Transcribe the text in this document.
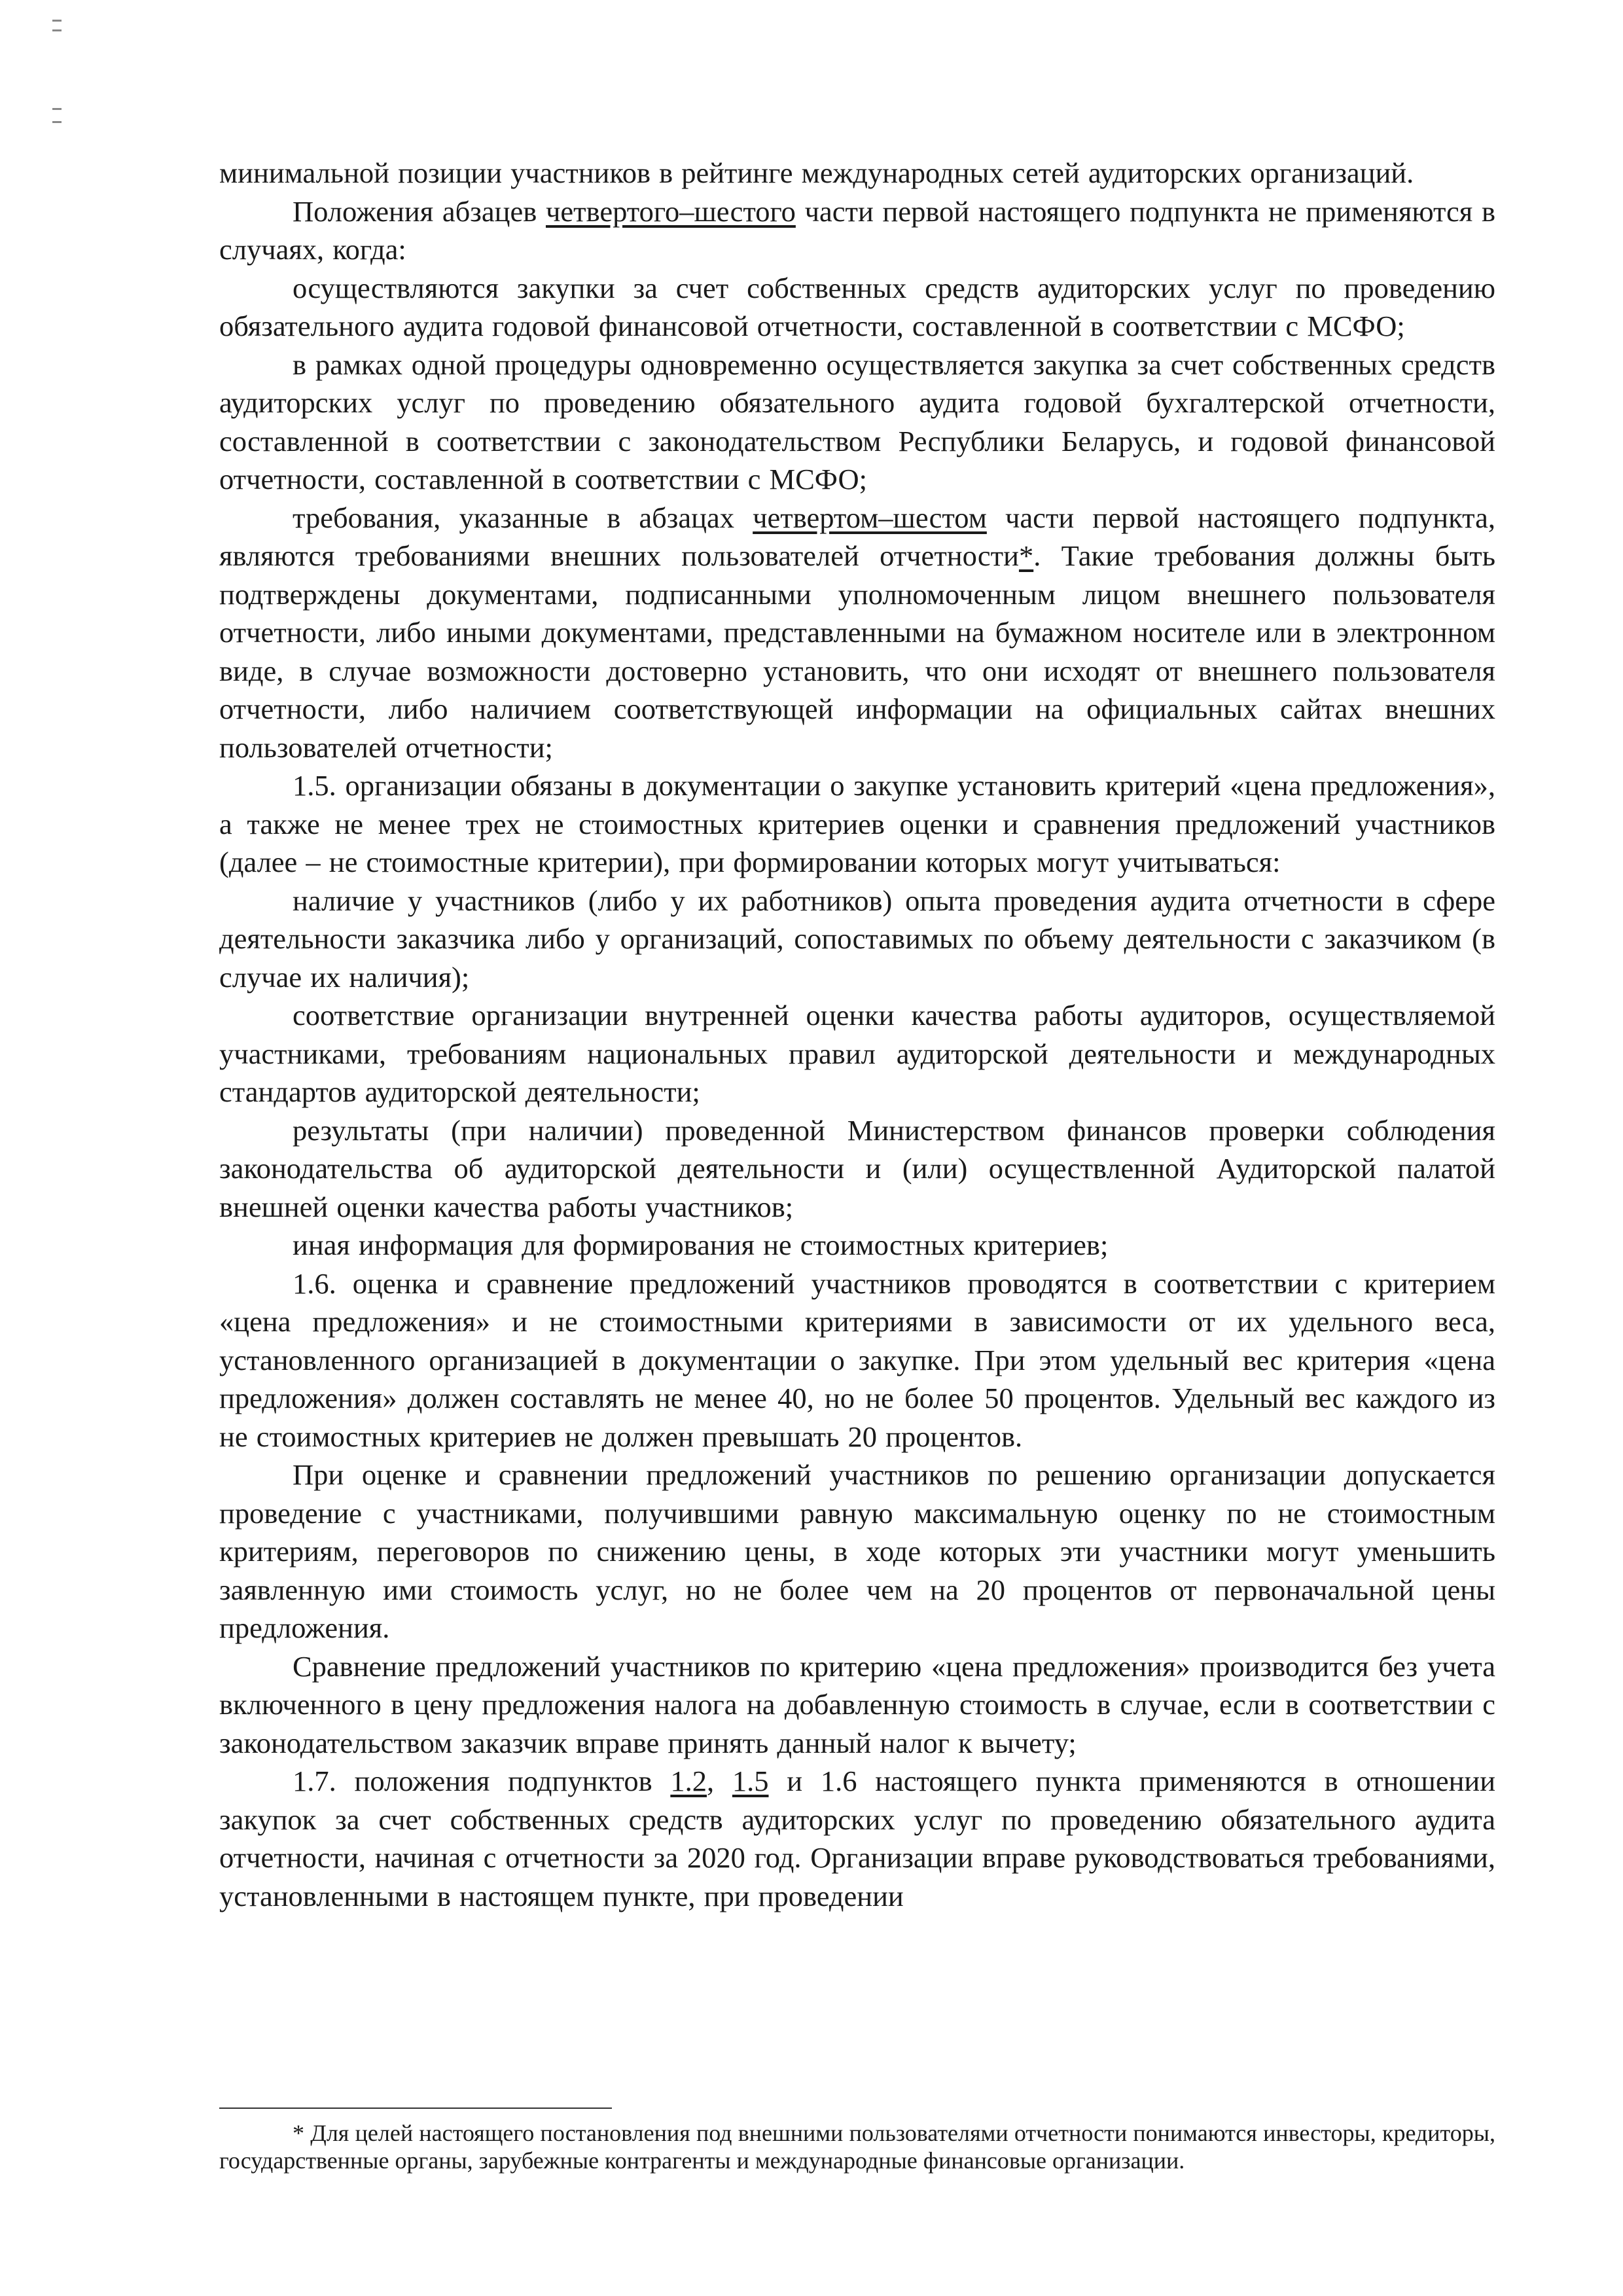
минимальной позиции участников в рейтинге международных сетей аудиторских организаций.

Положения абзацев четвертого–шестого части первой настоящего подпункта не применяются в случаях, когда:

осуществляются закупки за счет собственных средств аудиторских услуг по проведению обязательного аудита годовой финансовой отчетности, составленной в соответствии с МСФО;

в рамках одной процедуры одновременно осуществляется закупка за счет собственных средств аудиторских услуг по проведению обязательного аудита годовой бухгалтерской отчетности, составленной в соответствии с законодательством Республики Беларусь, и годовой финансовой отчетности, составленной в соответствии с МСФО;

требования, указанные в абзацах четвертом–шестом части первой настоящего подпункта, являются требованиями внешних пользователей отчетности*. Такие требования должны быть подтверждены документами, подписанными уполномоченным лицом внешнего пользователя отчетности, либо иными документами, представленными на бумажном носителе или в электронном виде, в случае возможности достоверно установить, что они исходят от внешнего пользователя отчетности, либо наличием соответствующей информации на официальных сайтах внешних пользователей отчетности;

1.5. организации обязаны в документации о закупке установить критерий «цена предложения», а также не менее трех не стоимостных критериев оценки и сравнения предложений участников (далее – не стоимостные критерии), при формировании которых могут учитываться:

наличие у участников (либо у их работников) опыта проведения аудита отчетности в сфере деятельности заказчика либо у организаций, сопоставимых по объему деятельности с заказчиком (в случае их наличия);

соответствие организации внутренней оценки качества работы аудиторов, осуществляемой участниками, требованиям национальных правил аудиторской деятельности и международных стандартов аудиторской деятельности;

результаты (при наличии) проведенной Министерством финансов проверки соблюдения законодательства об аудиторской деятельности и (или) осуществленной Аудиторской палатой внешней оценки качества работы участников;

иная информация для формирования не стоимостных критериев;

1.6. оценка и сравнение предложений участников проводятся в соответствии с критерием «цена предложения» и не стоимостными критериями в зависимости от их удельного веса, установленного организацией в документации о закупке. При этом удельный вес критерия «цена предложения» должен составлять не менее 40, но не более 50 процентов. Удельный вес каждого из не стоимостных критериев не должен превышать 20 процентов.

При оценке и сравнении предложений участников по решению организации допускается проведение с участниками, получившими равную максимальную оценку по не стоимостным критериям, переговоров по снижению цены, в ходе которых эти участники могут уменьшить заявленную ими стоимость услуг, но не более чем на 20 процентов от первоначальной цены предложения.

Сравнение предложений участников по критерию «цена предложения» производится без учета включенного в цену предложения налога на добавленную стоимость в случае, если в соответствии с законодательством заказчик вправе принять данный налог к вычету;

1.7. положения подпунктов 1.2, 1.5 и 1.6 настоящего пункта применяются в отношении закупок за счет собственных средств аудиторских услуг по проведению обязательного аудита отчетности, начиная с отчетности за 2020 год. Организации вправе руководствоваться требованиями, установленными в настоящем пункте, при проведении

* Для целей настоящего постановления под внешними пользователями отчетности понимаются инвесторы, кредиторы, государственные органы, зарубежные контрагенты и международные финансовые организации.
